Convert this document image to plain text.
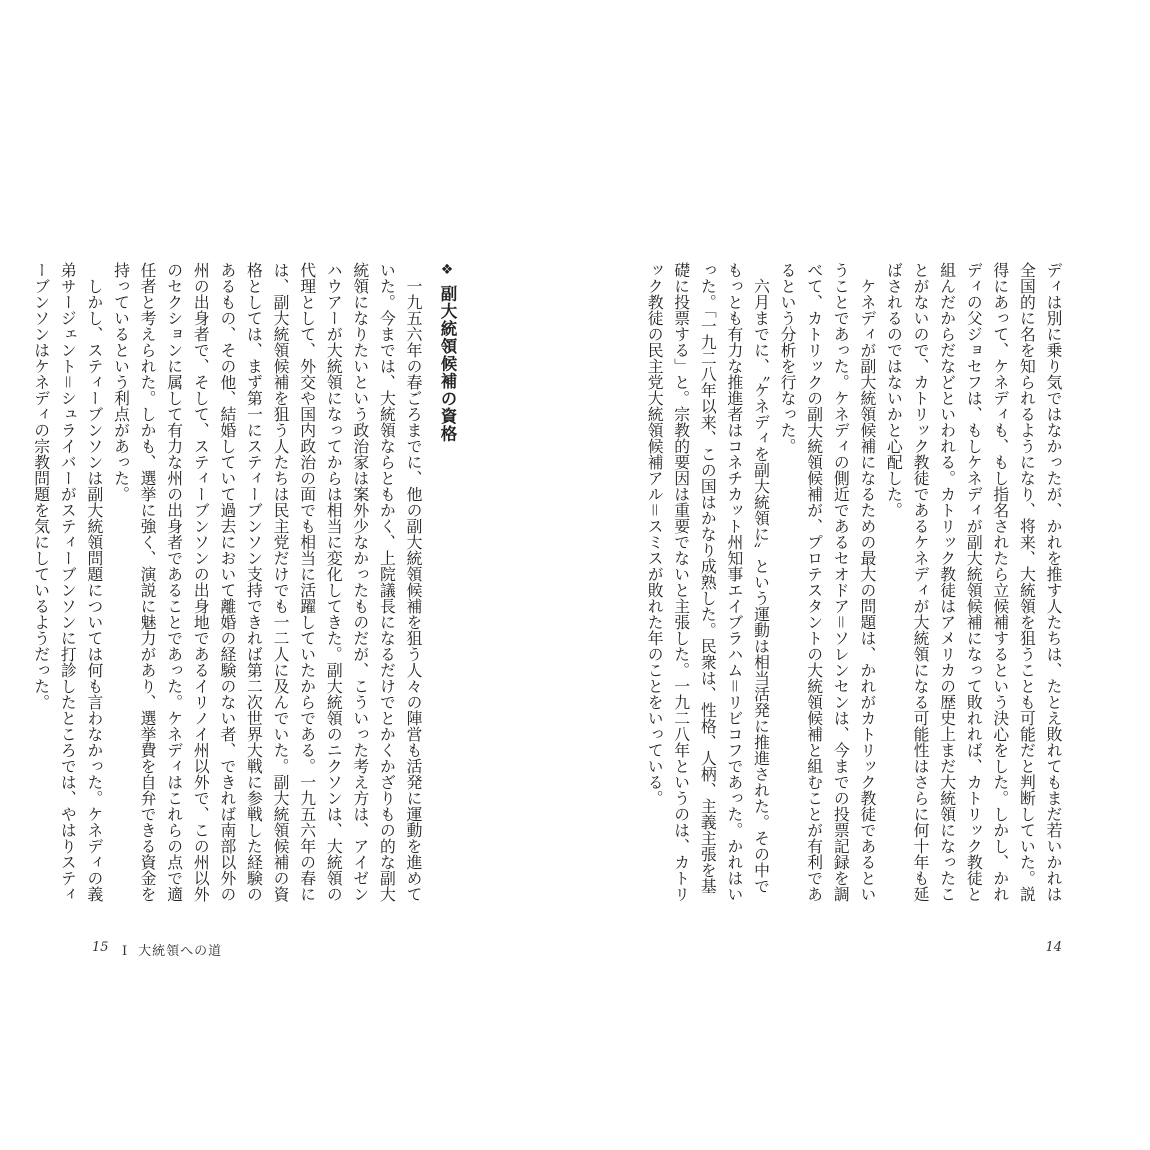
ディは別に乗り気ではなかったが、かれを推す人たちは、たとえ敗れてもまだ若いかれは全国的に名を知られるようになり、将来、大統領を狙うことも可能だと判断していた。説得にあって、ケネディも、もし指名されたら立候補するという決心をした。しかし、かれディの父ジョセフは、もしケネディが副大統領候補になって敗れれば、カトリック教徒と組んだからだなどといわれる。カトリック教徒はアメリカの歴史上まだ大統領になったことがないので、カトリック教徒であるケネディが大統領になる可能性はさらに何十年も延ばされるのではないかと心配した。

ケネディが副大統領候補になるための最大の問題は、かれがカトリック教徒であるということであった。ケネディの側近であるセオドア＝ソレンセンは、今までの投票記録を調べて、カトリックの副大統領候補が、プロテスタントの大統領候補と組むことが有利であるという分析を行なった。

六月までに、〝ケネディを副大統領に〟という運動は相当活発に推進された。その中でもっとも有力な推進者はコネチカット州知事エイブラハム＝リビコフであった。かれはいった。「一九二八年以来、この国はかなり成熟した。民衆は、性格、人柄、主義主張を基礎に投票する」と。宗教的要因は重要でないと主張した。一九二八年というのは、カトリック教徒の民主党大統領候補アル＝スミスが敗れた年のことをいっている。

14
❖副大統領候補の資格

一九五六年の春ごろまでに、他の副大統領候補を狙う人々の陣営も活発に運動を進めていた。今までは、大統領ならともかく、上院議長になるだけでとかくかざりもの的な副大統領になりたいという政治家は案外少なかったものだが、こういった考え方は、アイゼンハウアーが大統領になってからは相当に変化してきた。副大統領のニクソンは、大統領の代理として、外交や国内政治の面でも相当に活躍していたからである。一九五六年の春には、副大統領候補を狙う人たちは民主党だけでも一二人に及んでいた。副大統領候補の資格としては、まず第一にスティーブンソン支持できれば第二次世界大戦に参戦した経験のあるもの、その他、結婚していて過去において離婚の経験のない者、できれば南部以外の州の出身者で、そして、スティーブンソンの出身地であるイリノイ州以外で、この州以外のセクションに属して有力な州の出身者であることであった。ケネディはこれらの点で適任者と考えられた。しかも、選挙に強く、演説に魅力があり、選挙費を自弁できる資金を持っているという利点があった。

しかし、スティーブンソンは副大統領問題については何も言わなかった。ケネディの義弟サージェント＝シュライバーがスティーブンソンに打診したところでは、やはりスティーブンソンはケネディの宗教問題を気にしているようだった。

15 I 大統領への道
